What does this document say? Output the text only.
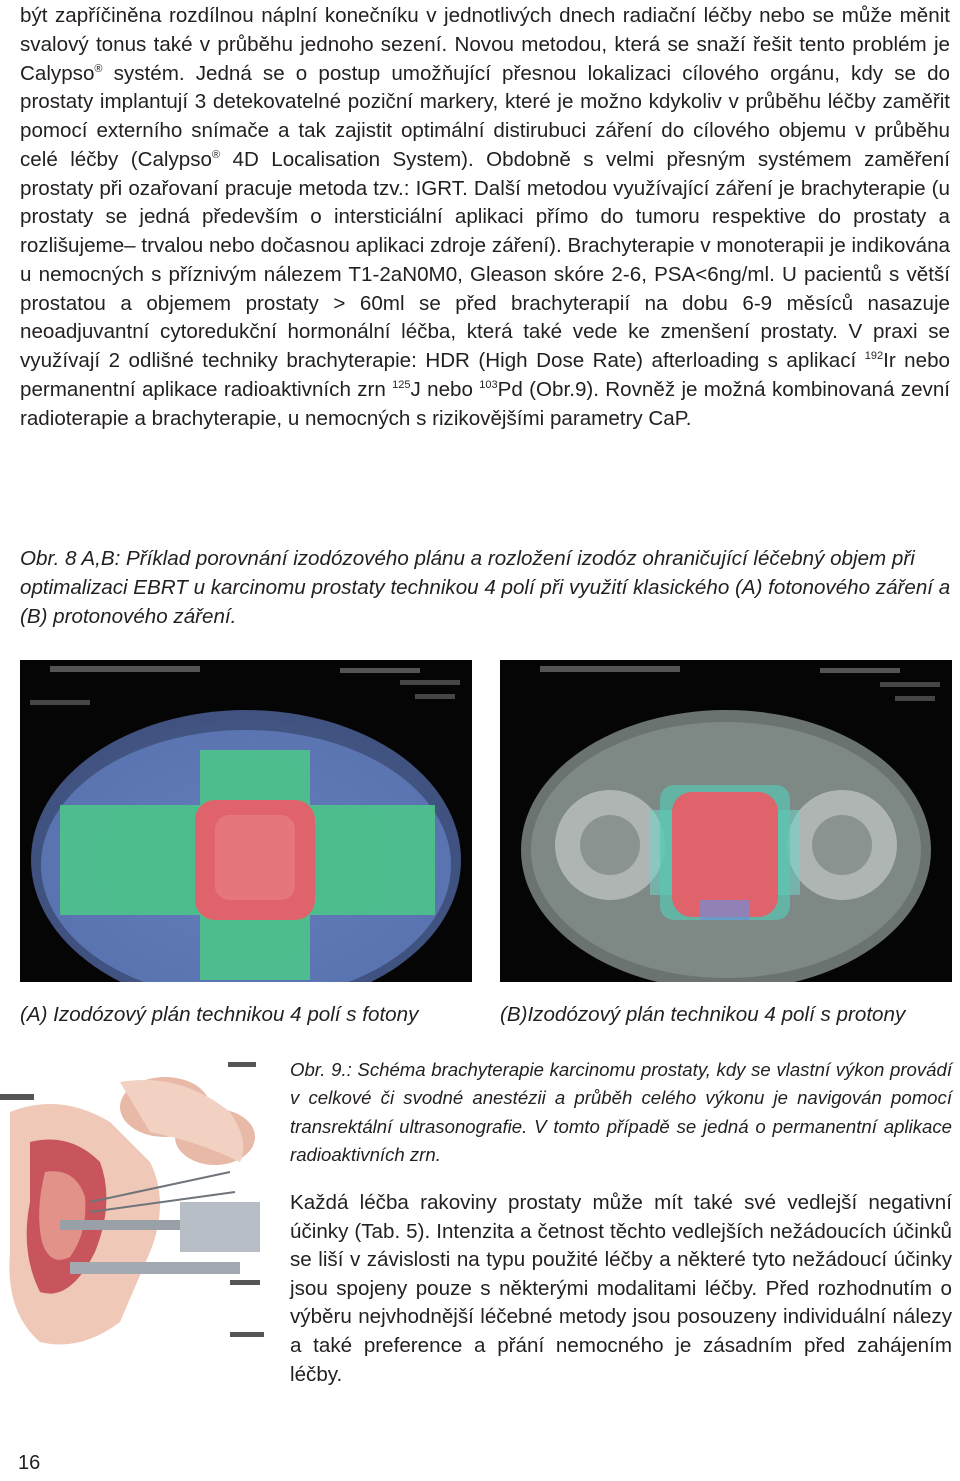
být zapříčiněna rozdílnou náplní konečníku v jednotlivých dnech radiační léčby nebo se může měnit svalový tonus také v průběhu jednoho sezení. Novou metodou, která se snaží řešit tento problém je Calypso® systém. Jedná se o postup umožňující přesnou lokalizaci cílového orgánu, kdy se do prostaty implantují 3 detekovatelné poziční markery, které je možno kdykoliv v průběhu léčby zaměřit pomocí externího snímače a tak zajistit optimální distirubuci záření do cílového objemu v průběhu celé léčby (Calypso® 4D Localisation System). Obdobně s velmi přesným systémem zaměření prostaty při ozařovaní pracuje metoda tzv.: IGRT. Další metodou využívající záření je brachyterapie (u prostaty se jedná především o intersticiální aplikaci přímo do tumoru respektive do prostaty a rozlišujeme– trvalou nebo dočasnou aplikaci zdroje záření). Brachyterapie v monoterapii je indikována u nemocných s příznivým nálezem T1-2aN0M0, Gleason skóre 2-6, PSA<6ng/ml. U pacientů s větší prostatou a objemem prostaty > 60ml se před brachyterapií na dobu 6-9 měsíců nasazuje neoadjuvantní cytoredukční hormonální léčba, která také vede ke zmenšení prostaty. V praxi se využívají 2 odlišné techniky brachyterapie: HDR (High Dose Rate) afterloading s aplikací $^{192}$Ir nebo permanentní aplikace radioaktivních zrn $^{125}$J nebo $^{103}$Pd (Obr.9). Rovněž je možná kombinovaná zevní radioterapie a brachyterapie, u nemocných s rizikovějšími parametry CaP.

Obr. 8 A,B: Příklad porovnání izodózového plánu a rozložení izodóz ohraničující léčebný objem při optimalizaci EBRT u karcinomu prostaty technikou 4 polí při využití klasického (A) fotonového záření a (B) protonového záření.

(A) Izodózový plán technikou 4 polí s fotony	(B)Izodózový plán technikou 4 polí s protony

Obr. 9.: Schéma brachyterapie karcinomu prostaty, kdy se vlastní výkon provádí v celkové či svodné anestézii a průběh celého výkonu je navigován pomocí transrektální ultrasonografie. V tomto případě se jedná o permanentní aplikace radioaktivních zrn.

Každá léčba rakoviny prostaty může mít také své vedlejší negativní účinky (Tab. 5). Intenzita a četnost těchto vedlejších nežádoucích účinků se liší v závislosti na typu použité léčby a některé tyto nežádoucí účinky jsou spojeny pouze s některými modalitami léčby. Před rozhodnutím o výběru nejvhodnější léčebné metody jsou posouzeny individuální nálezy a také preference a přání nemocného je zásadním před zahájením léčby.

16
